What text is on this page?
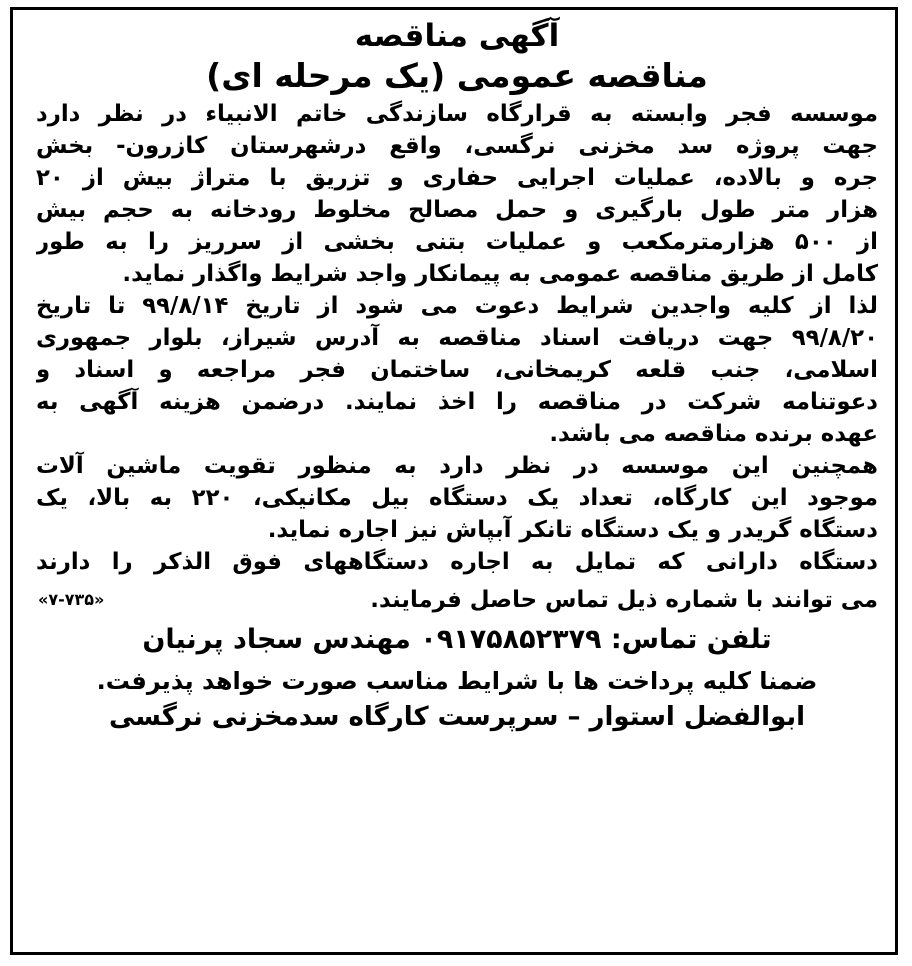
آگهی مناقصه
مناقصه عمومی (یک مرحله ای)
موسسه فجر وابسته به قرارگاه سازندگی خاتم الانبیاء در نظر دارد
جهت پروژه سد مخزنی نرگسی، واقع درشهرستان کازرون- بخش
جره و بالاده، عملیات اجرایی حفاری و تزریق با متراژ بیش از ۲۰
هزار متر طول بارگیری و حمل مصالح مخلوط رودخانه به حجم بیش
از ۵۰۰ هزارمترمکعب و عملیات بتنی بخشی از سرریز را به طور
کامل از طریق مناقصه عمومی به پیمانکار واجد شرایط واگذار نماید.
لذا از کلیه واجدین شرایط دعوت می شود از تاریخ ۹۹/۸/۱۴ تا تاریخ
۹۹/۸/۲۰ جهت دریافت اسناد مناقصه به آدرس شیراز، بلوار جمهوری
اسلامی، جنب قلعه کریمخانی، ساختمان فجر مراجعه و اسناد و
دعوتنامه شرکت در مناقصه را اخذ نمایند. درضمن هزینه آگهی به
عهده برنده مناقصه می باشد.
همچنین این موسسه در نظر دارد به منظور تقویت ماشین آلات
موجود این کارگاه، تعداد یک دستگاه بیل مکانیکی، ۲۲۰ به بالا، یک
دستگاه گریدر و یک دستگاه تانکر آبپاش نیز اجاره نماید.
دستگاه دارانی که تمایل به اجاره دستگاههای فوق الذکر را دارند
می توانند با شماره ذیل تماس حاصل فرمایند.
«۷-۷۳۵»
تلفن تماس: ۰۹۱۷۵۸۵۲۳۷۹ مهندس سجاد پرنیان
ضمنا کلیه پرداخت ها با شرایط مناسب صورت خواهد پذیرفت.
ابوالفضل استوار – سرپرست کارگاه سدمخزنی نرگسی
